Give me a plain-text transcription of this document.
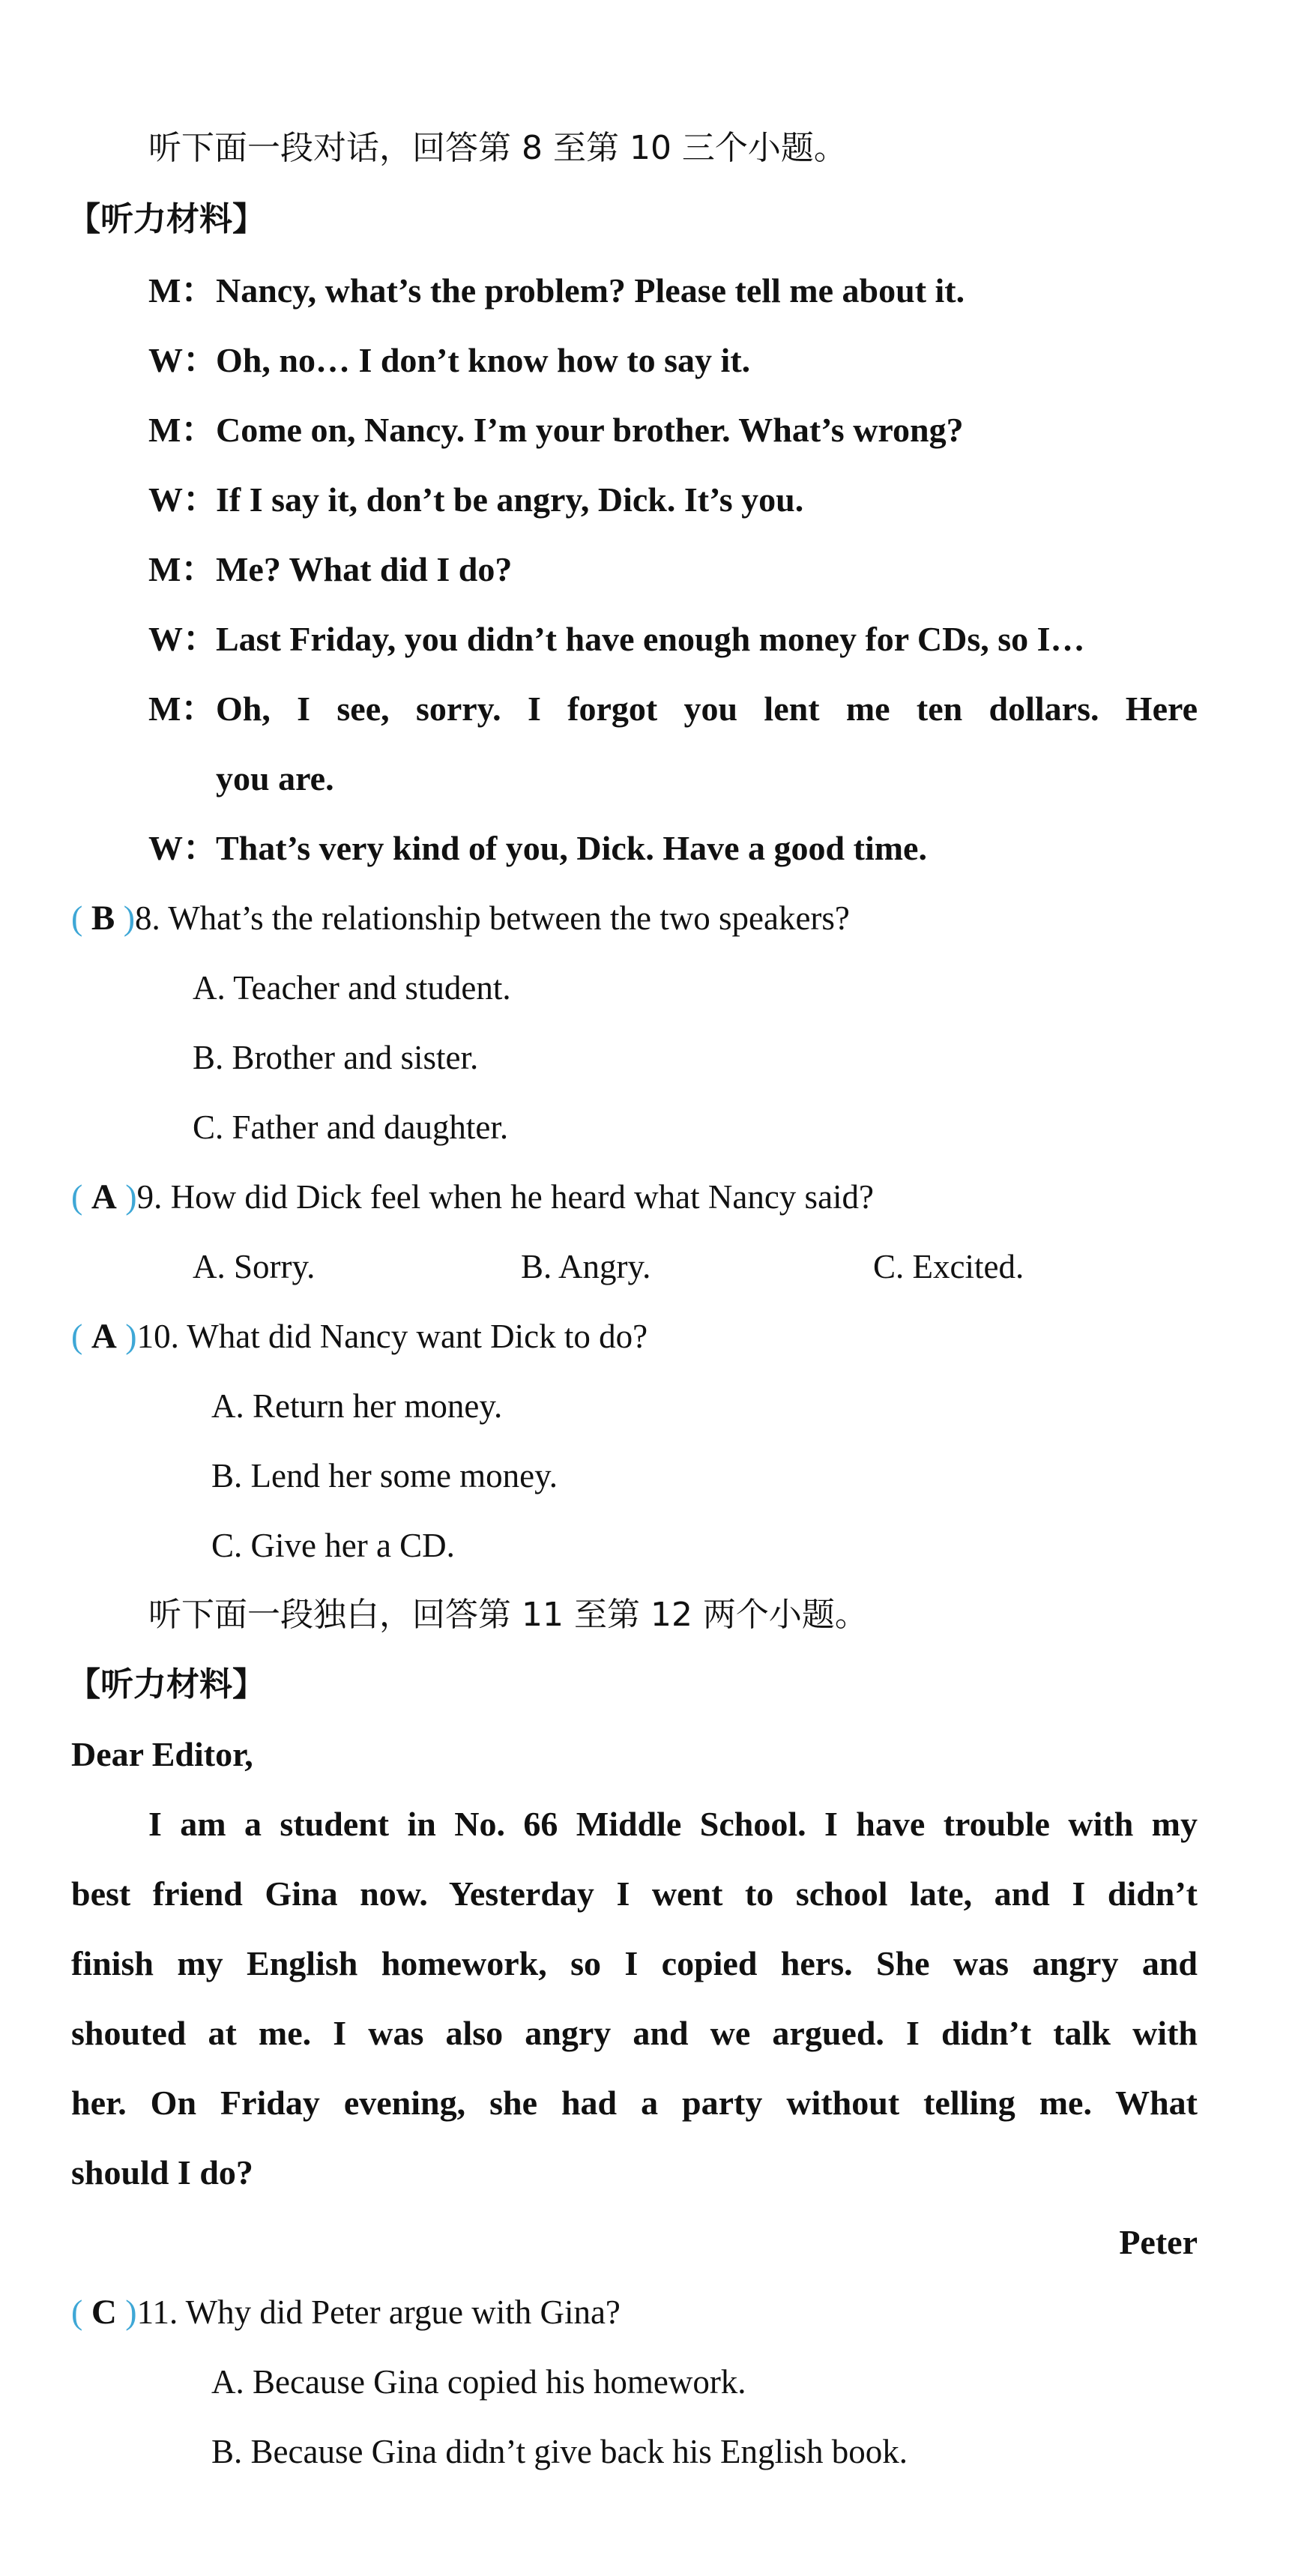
听下面一段对话，回答第 8 至第 10 三个小题。
【听力材料】
M：Nancy, what’s the problem? Please tell me about it.
W：Oh, no… I don’t know how to say it.
M：Come on, Nancy. I’m your brother. What’s wrong?
W：If I say it, don’t be angry, Dick. It’s you.
M：Me? What did I do?
W：Last Friday, you didn’t have enough money for CDs, so I…
M： Oh, I see, sorry. I forgot you lent me ten dollars. Here
you are.
W：That’s very kind of you, Dick. Have a good time.
( B )8. What’s the relationship between the two speakers?
A. Teacher and student.
B. Brother and sister.
C. Father and daughter.
( A )9. How did Dick feel when he heard what Nancy said?
A. Sorry.	B. Angry.	C. Excited.
( A )10. What did Nancy want Dick to do?
A. Return her money.
B. Lend her some money.
C. Give her a CD.
听下面一段独白，回答第 11 至第 12 两个小题。
【听力材料】
Dear Editor,
I am a student in No. 66 Middle School. I have trouble with my
best friend Gina now. Yesterday I went to school late, and I didn’t
finish my English homework, so I copied hers. She was angry and
shouted at me. I was also angry and we argued. I didn’t talk with
her. On Friday evening, she had a party without telling me. What
should I do?
Peter
( C )11. Why did Peter argue with Gina?
A. Because Gina copied his homework.
B. Because Gina didn’t give back his English book.
